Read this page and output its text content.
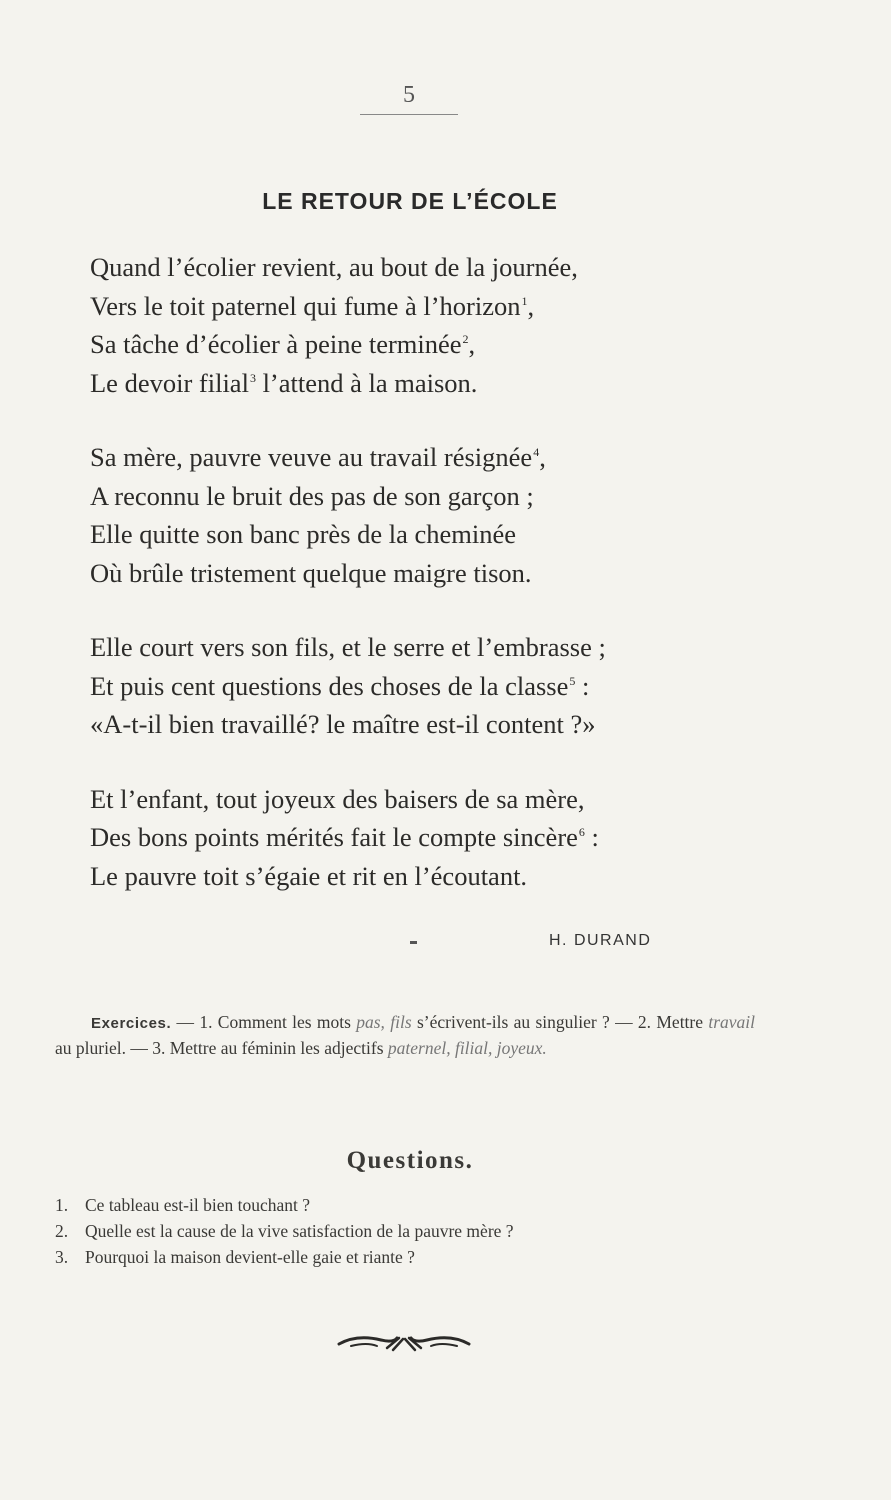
5
LE RETOUR DE L’ÉCOLE
Quand l’écolier revient, au bout de la journée,
Vers le toit paternel qui fume à l’horizon$^1$,
Sa tâche d’écolier à peine terminée$^2$,
Le devoir filial$^3$ l’attend à la maison.
Sa mère, pauvre veuve au travail résignée$^4$,
A reconnu le bruit des pas de son garçon ;
Elle quitte son banc près de la cheminée
Où brûle tristement quelque maigre tison.
Elle court vers son fils, et le serre et l’embrasse ;
Et puis cent questions des choses de la classe$^5$ :
«A-t-il bien travaillé? le maître est-il content ?»
Et l’enfant, tout joyeux des baisers de sa mère,
Des bons points mérités fait le compte sincère$^6$ :
Le pauvre toit s’égaie et rit en l’écoutant.
H. DURAND

Exercices. — 1. Comment les mots pas, fils s’écrivent-ils au singulier ? — 2. Mettre travail au pluriel. — 3. Mettre au féminin les adjectifs paternel, filial, joyeux.

Questions.
1. Ce tableau est-il bien touchant ?
2. Quelle est la cause de la vive satisfaction de la pauvre mère ?
3. Pourquoi la maison devient-elle gaie et riante ?
